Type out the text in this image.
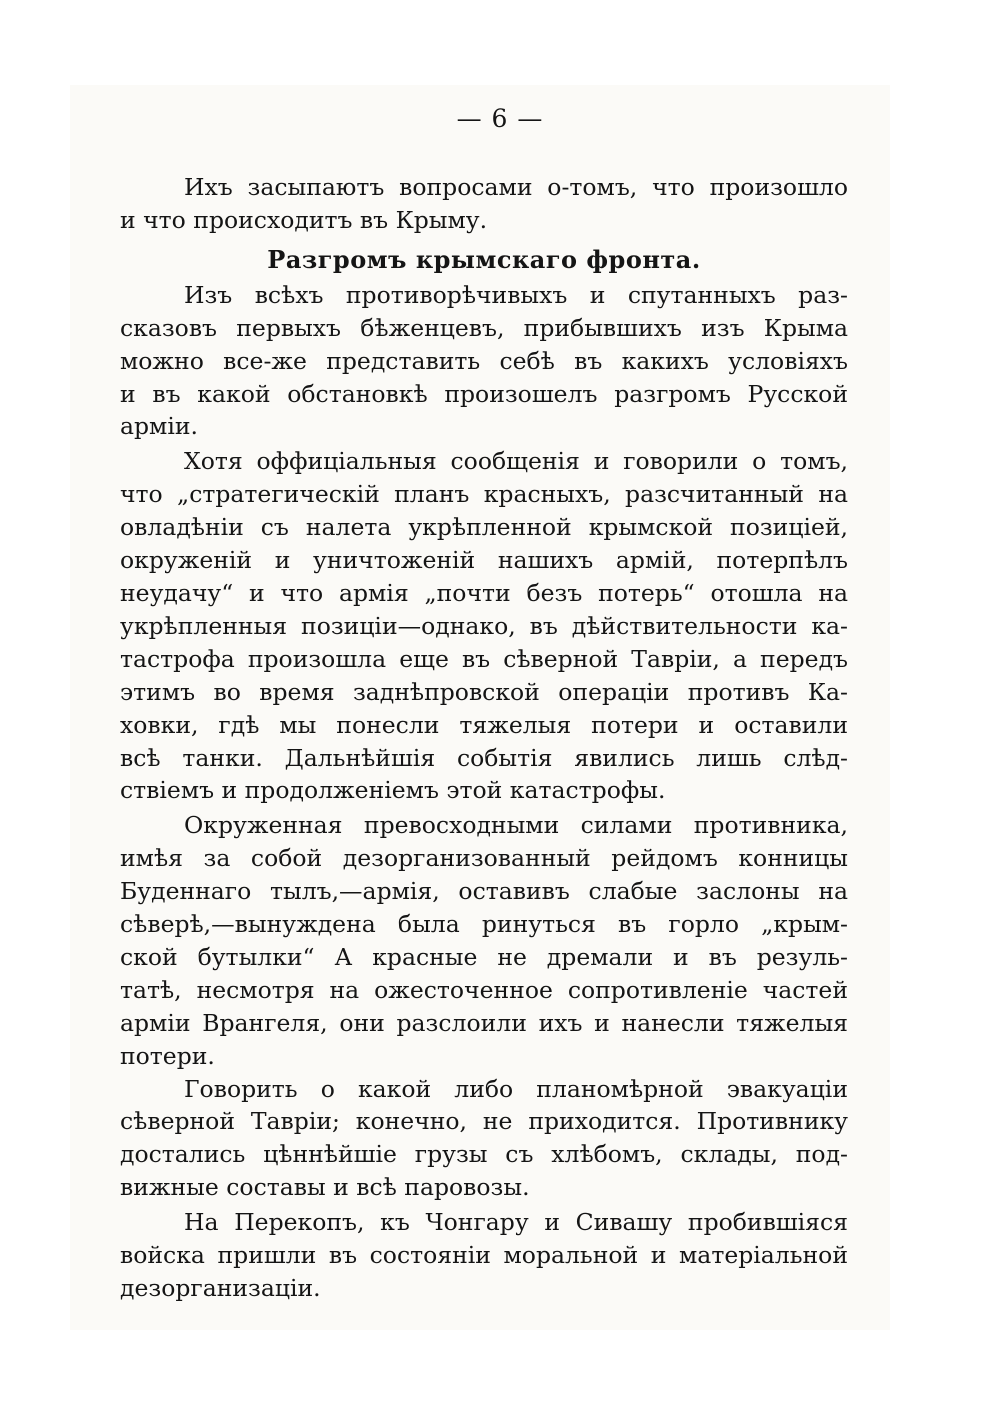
— 6 —
Ихъ засыпаютъ вопросами о-томъ, что произошло
и что происходитъ въ Крыму.
Разгромъ крымскаго фронта.
Изъ всѣхъ противорѣчивыхъ и спутанныхъ раз-
сказовъ первыхъ бѣженцевъ, прибывшихъ изъ Крыма
можно все-же представить себѣ въ какихъ условіяхъ
и въ какой обстановкѣ произошелъ разгромъ Русской
арміи.
Хотя оффиціальныя сообщенія и говорили о томъ,
что „стратегическій планъ красныхъ, разсчитанный на
овладѣніи съ налета укрѣпленной крымской позиціей,
окруженій и уничтоженій нашихъ армій, потерпѣлъ
неудачу“ и что армія „почти безъ потерь“ отошла на
укрѣпленныя позиціи—однако, въ дѣйствительности ка-
тастрофа произошла еще въ сѣверной Таврiи, а передъ
этимъ во время заднѣпровской операціи противъ Ка-
ховки, гдѣ мы понесли тяжелыя потери и оставили
всѣ танки. Дальнѣйшія событія явились лишь слѣд-
ствіемъ и продолженіемъ этой катастрофы.
Окруженная превосходными силами противника,
имѣя за собой дезорганизованный рейдомъ конницы
Буденнаго тылъ,—армія, оставивъ слабые заслоны на
сѣверѣ,—вынуждена была ринуться въ горло „крым-
ской бутылки“ А красные не дремали и въ резуль-
татѣ, несмотря на ожесточенное сопротивленіе частей
арміи Врангеля, они разслоили ихъ и нанесли тяжелыя
потери.
Говорить о какой либо планомѣрной эвакуаціи
сѣверной Таврiи; конечно, не приходится. Противнику
достались цѣннѣйшіе грузы съ хлѣбомъ, склады, под-
вижные составы и всѣ паровозы.
На Перекопъ, къ Чонгару и Сивашу пробившіяся
войска пришли въ состояніи моральной и матеріальной
дезорганизаціи.
